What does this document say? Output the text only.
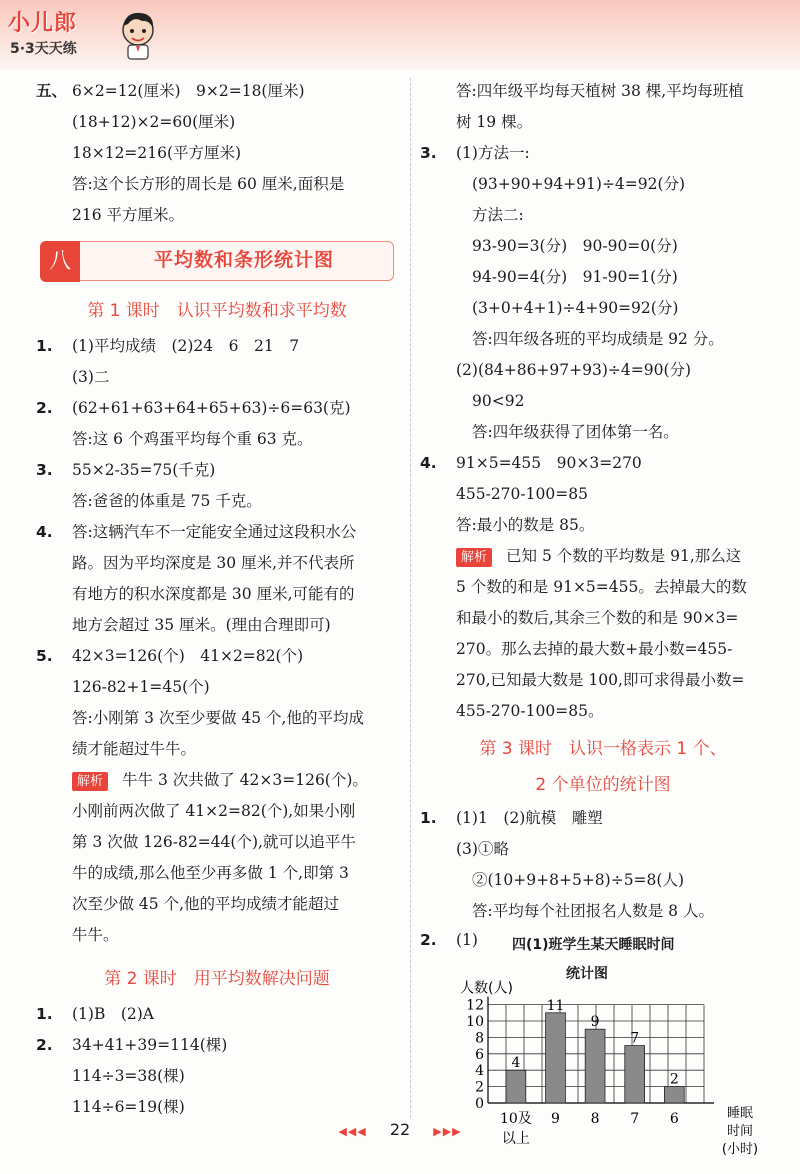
小儿郎
5·3天天练
五、 6×2=12(厘米)　9×2=18(厘米)
(18+12)×2=60(厘米)
18×12=216(平方厘米)
答:这个长方形的周长是 60 厘米,面积是
216 平方厘米。
八	平均数和条形统计图
第 1 课时　认识平均数和求平均数
1. (1)平均成绩　(2)24　6　21　7
(3)二
2. (62+61+63+64+65+63)÷6=63(克)
答:这 6 个鸡蛋平均每个重 63 克。
3. 55×2-35=75(千克)
答:爸爸的体重是 75 千克。
4. 答:这辆汽车不一定能安全通过这段积水公
路。因为平均深度是 30 厘米,并不代表所
有地方的积水深度都是 30 厘米,可能有的
地方会超过 35 厘米。(理由合理即可)
5. 42×3=126(个)　41×2=82(个)
126-82+1=45(个)
答:小刚第 3 次至少要做 45 个,他的平均成
绩才能超过牛牛。
解析 牛牛 3 次共做了 42×3=126(个)。
小刚前两次做了 41×2=82(个),如果小刚
第 3 次做 126-82=44(个),就可以追平牛
牛的成绩,那么他至少再多做 1 个,即第 3
次至少做 45 个,他的平均成绩才能超过
牛牛。
第 2 课时　用平均数解决问题
1. (1)B　(2)A
2. 34+41+39=114(棵)
114÷3=38(棵)
114÷6=19(棵)
答:四年级平均每天植树 38 棵,平均每班植
树 19 棵。
3. (1)方法一:
(93+90+94+91)÷4=92(分)
方法二:
93-90=3(分)　90-90=0(分)
94-90=4(分)　91-90=1(分)
(3+0+4+1)÷4+90=92(分)
答:四年级各班的平均成绩是 92 分。
(2)(84+86+97+93)÷4=90(分)
90<92
答:四年级获得了团体第一名。
4. 91×5=455　90×3=270
455-270-100=85
答:最小的数是 85。
解析 已知 5 个数的平均数是 91,那么这
5 个数的和是 91×5=455。去掉最大的数
和最小的数后,其余三个数的和是 90×3=
270。那么去掉的最大数+最小数=455-
270,已知最大数是 100,即可求得最小数=
455-270-100=85。
第 3 课时　认识一格表示 1 个、
2 个单位的统计图
1. (1)1　(2)航模　雕塑
(3)①略
②(10+9+8+5+8)÷5=8(人)
答:平均每个社团报名人数是 8 人。
2. (1) 四(1)班学生某天睡眠时间
统计图
0
2
4
6
8
10
12
人数(人)
4
10及
以上
11
9
9
8
7
7
2
6	睡眠
时间
(小时)
◀◀◀ 22 ▶▶▶
